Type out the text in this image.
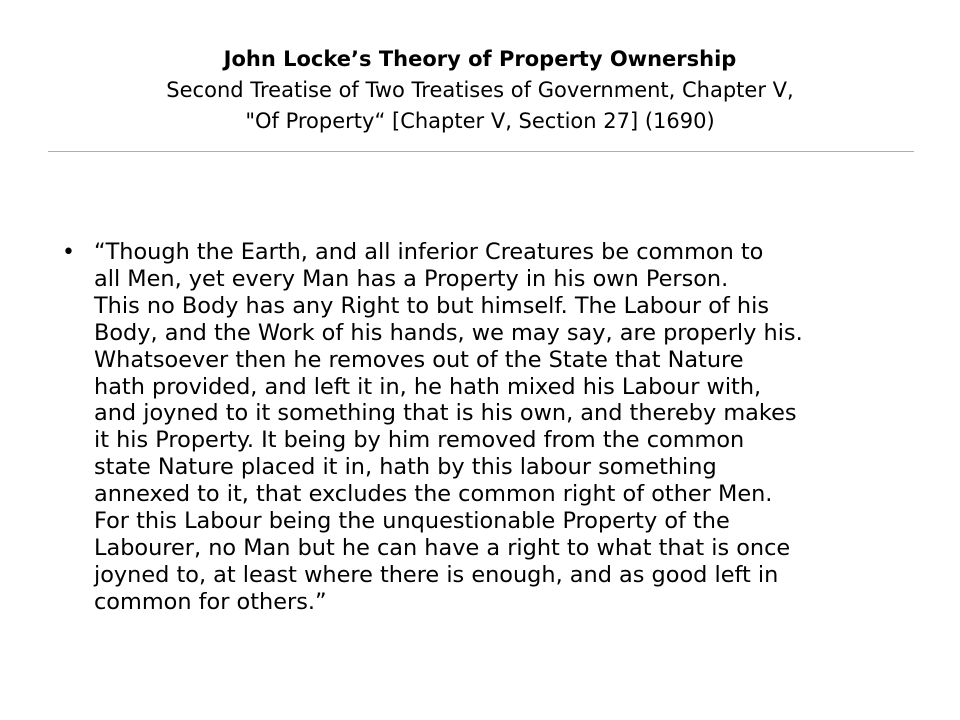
John Locke’s Theory of Property Ownership
Second Treatise of Two Treatises of Government, Chapter V,
"Of Property“ [Chapter V, Section 27] (1690)
• “Though the Earth, and all inferior Creatures be common to
all Men, yet every Man has a Property in his own Person.
This no Body has any Right to but himself. The Labour of his
Body, and the Work of his hands, we may say, are properly his.
Whatsoever then he removes out of the State that Nature
hath provided, and left it in, he hath mixed his Labour with,
and joyned to it something that is his own, and thereby makes
it his Property. It being by him removed from the common
state Nature placed it in, hath by this labour something
annexed to it, that excludes the common right of other Men.
For this Labour being the unquestionable Property of the
Labourer, no Man but he can have a right to what that is once
joyned to, at least where there is enough, and as good left in
common for others.”
